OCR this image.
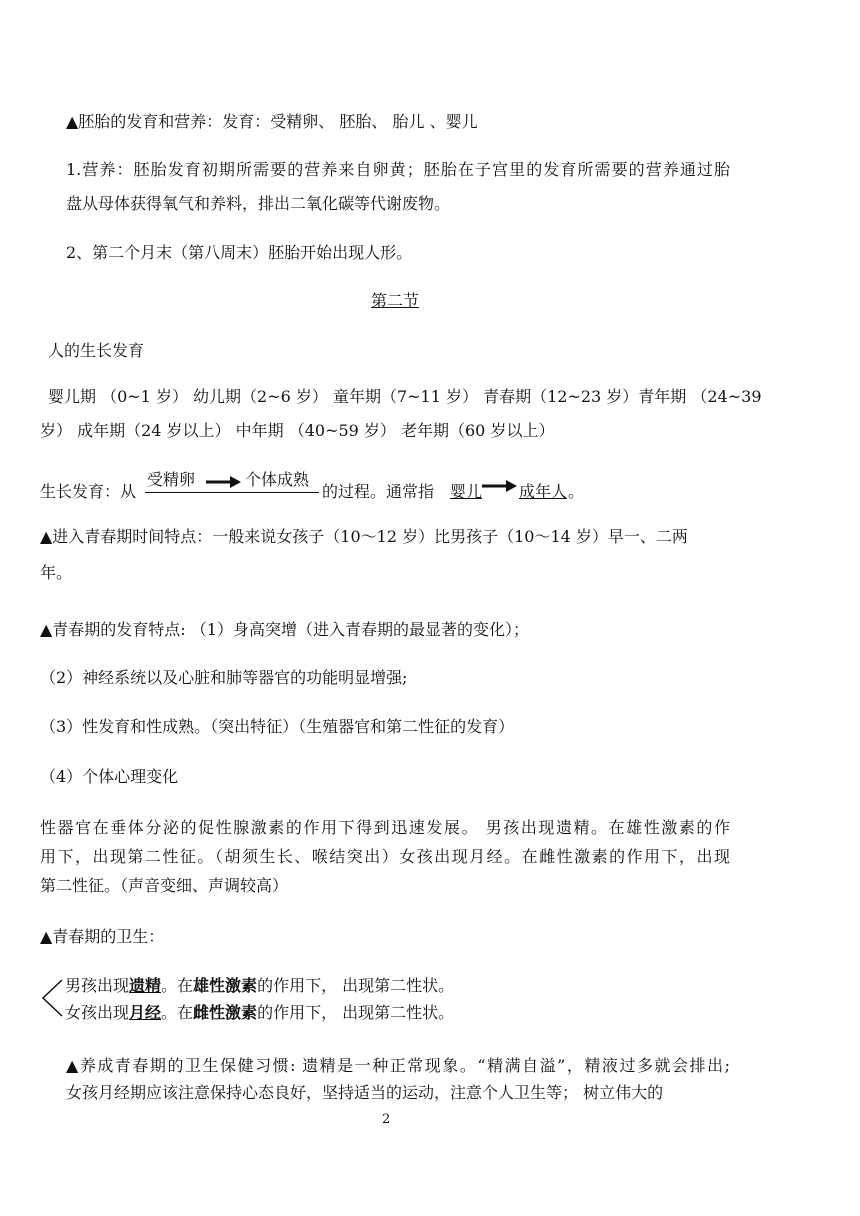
▲胚胎的发育和营养：发育：受精卵、 胚胎、 胎儿 、婴儿
1.营养：胚胎发育初期所需要的营养来自卵黄；胚胎在子宫里的发育所需要的营养通过胎
盘从母体获得氧气和养料，排出二氧化碳等代谢废物。
2、第二个月末（第八周末）胚胎开始出现人形。
第二节
人的生长发育
婴儿期 （0~1 岁） 幼儿期（2~6 岁） 童年期（7~11 岁） 青春期（12~23 岁）青年期 （24~39
岁） 成年期（24 岁以上） 中年期 （40~59 岁） 老年期（60 岁以上）
生长发育：从
受精卵	个体成熟
的过程。通常指 婴儿 成年人 。
▲进入青春期时间特点：一般来说女孩子（10～12 岁）比男孩子（10～14 岁）早一、二两
年。
▲青春期的发育特点: （1）身高突增（进入青春期的最显著的变化）；
（2）神经系统以及心脏和肺等器官的功能明显增强;
（3）性发育和性成熟。（突出特征）（生殖器官和第二性征的发育）
（4）个体心理变化
性器官在垂体分泌的促性腺激素的作用下得到迅速发展。 男孩出现遗精。在雄性激素的作
用下，出现第二性征。（胡须生长、喉结突出）女孩出现月经。在雌性激素的作用下，出现
第二性征。（声音变细、声调较高）
▲青春期的卫生：
男孩出现遗精。在雄性激素的作用下， 出现第二性状。
女孩出现月经。在雌性激素的作用下， 出现第二性状。
▲养成青春期的卫生保健习惯: 遗精是一种正常现象。“精满自溢”，精液过多就会排出;
女孩月经期应该注意保持心态良好，坚持适当的运动，注意个人卫生等； 树立伟大的
2
